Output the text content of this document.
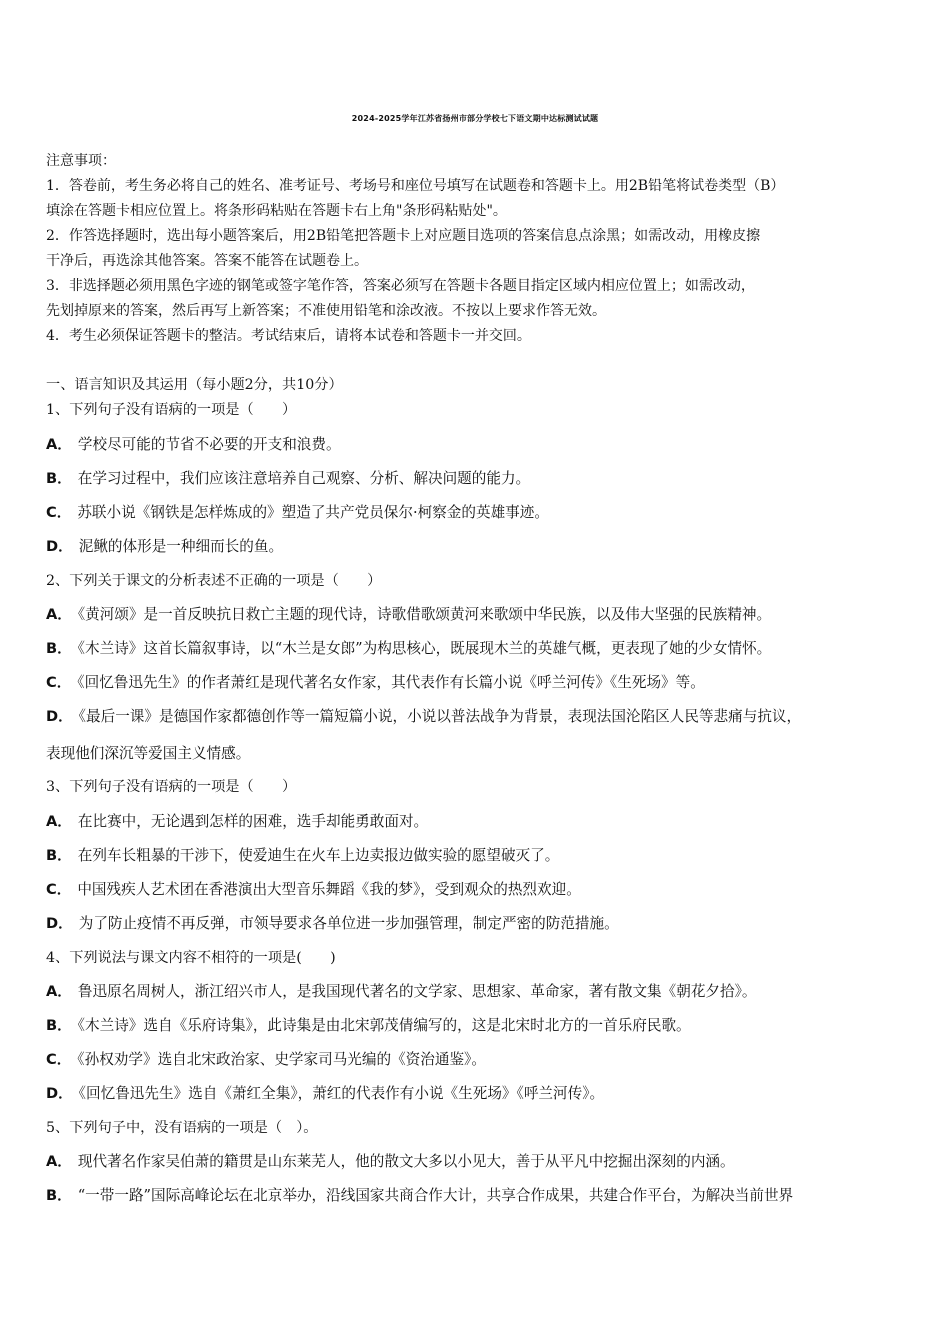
2024-2025学年江苏省扬州市部分学校七下语文期中达标测试试题
注意事项：
1．答卷前，考生务必将自己的姓名、准考证号、考场号和座位号填写在试题卷和答题卡上。用2B铅笔将试卷类型（B）
填涂在答题卡相应位置上。将条形码粘贴在答题卡右上角"条形码粘贴处"。
2．作答选择题时，选出每小题答案后，用2B铅笔把答题卡上对应题目选项的答案信息点涂黑；如需改动，用橡皮擦
干净后，再选涂其他答案。答案不能答在试题卷上。
3．非选择题必须用黑色字迹的钢笔或签字笔作答，答案必须写在答题卡各题目指定区域内相应位置上；如需改动，
先划掉原来的答案，然后再写上新答案；不准使用铅笔和涂改液。不按以上要求作答无效。
4．考生必须保证答题卡的整洁。考试结束后，请将本试卷和答题卡一并交回。
一、语言知识及其运用（每小题2分，共10分）
1、下列句子没有语病的一项是（　　）
A． 学校尽可能的节省不必要的开支和浪费。
B． 在学习过程中，我们应该注意培养自己观察、分析、解决问题的能力。
C． 苏联小说《钢铁是怎样炼成的》塑造了共产党员保尔·柯察金的英雄事迹。
D． 泥鳅的体形是一种细而长的鱼。
2、下列关于课文的分析表述不正确的一项是（　　）
A． 《黄河颂》是一首反映抗日救亡主题的现代诗，诗歌借歌颂黄河来歌颂中华民族，以及伟大坚强的民族精神。
B． 《木兰诗》这首长篇叙事诗，以“木兰是女郎”为构思核心，既展现木兰的英雄气概，更表现了她的少女情怀。
C． 《回忆鲁迅先生》的作者萧红是现代著名女作家，其代表作有长篇小说《呼兰河传》《生死场》等。
D． 《最后一课》是德国作家都德创作等一篇短篇小说，小说以普法战争为背景，表现法国沦陷区人民等悲痛与抗议，
表现他们深沉等爱国主义情感。
3、下列句子没有语病的一项是（　　）
A． 在比赛中，无论遇到怎样的困难，选手却能勇敢面对。
B． 在列车长粗暴的干涉下，使爱迪生在火车上边卖报边做实验的愿望破灭了。
C． 中国残疾人艺术团在香港演出大型音乐舞蹈《我的梦》，受到观众的热烈欢迎。
D． 为了防止疫情不再反弹，市领导要求各单位进一步加强管理，制定严密的防范措施。
4、下列说法与课文内容不相符的一项是(　　)
A． 鲁迅原名周树人，浙江绍兴市人，是我国现代著名的文学家、思想家、革命家，著有散文集《朝花夕拾》。
B． 《木兰诗》选自《乐府诗集》，此诗集是由北宋郭茂倩编写的，这是北宋时北方的一首乐府民歌。
C． 《孙权劝学》选自北宋政治家、史学家司马光编的《资治通鉴》。
D． 《回忆鲁迅先生》选自《萧红全集》，萧红的代表作有小说《生死场》《呼兰河传》。
5、下列句子中，没有语病的一项是（　）。
A． 现代著名作家吴伯萧的籍贯是山东莱芜人，他的散文大多以小见大，善于从平凡中挖掘出深刻的内涵。
B． “一带一路”国际高峰论坛在北京举办，沿线国家共商合作大计，共享合作成果，共建合作平台，为解决当前世界
